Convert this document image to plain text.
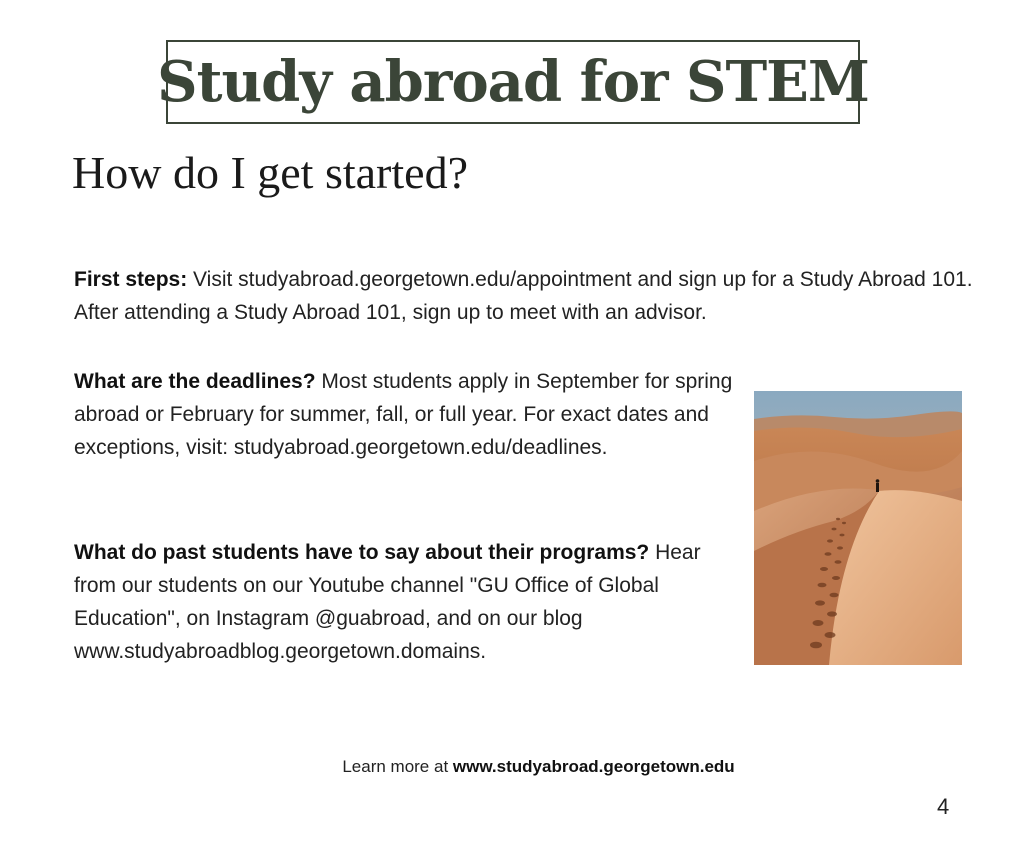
Study abroad for STEM
How do I get started?

First steps: Visit studyabroad.georgetown.edu/appointment and sign up for a Study Abroad 101. After attending a Study Abroad 101, sign up to meet with an advisor.

What are the deadlines? Most students apply in September for spring abroad or February for summer, fall, or full year. For exact dates and exceptions, visit: studyabroad.georgetown.edu/deadlines.

What do past students have to say about their programs? Hear from our students on our Youtube channel "GU Office of Global Education", on Instagram @guabroad, and on our blog www.studyabroadblog.georgetown.domains.

Learn more at www.studyabroad.georgetown.edu
4
